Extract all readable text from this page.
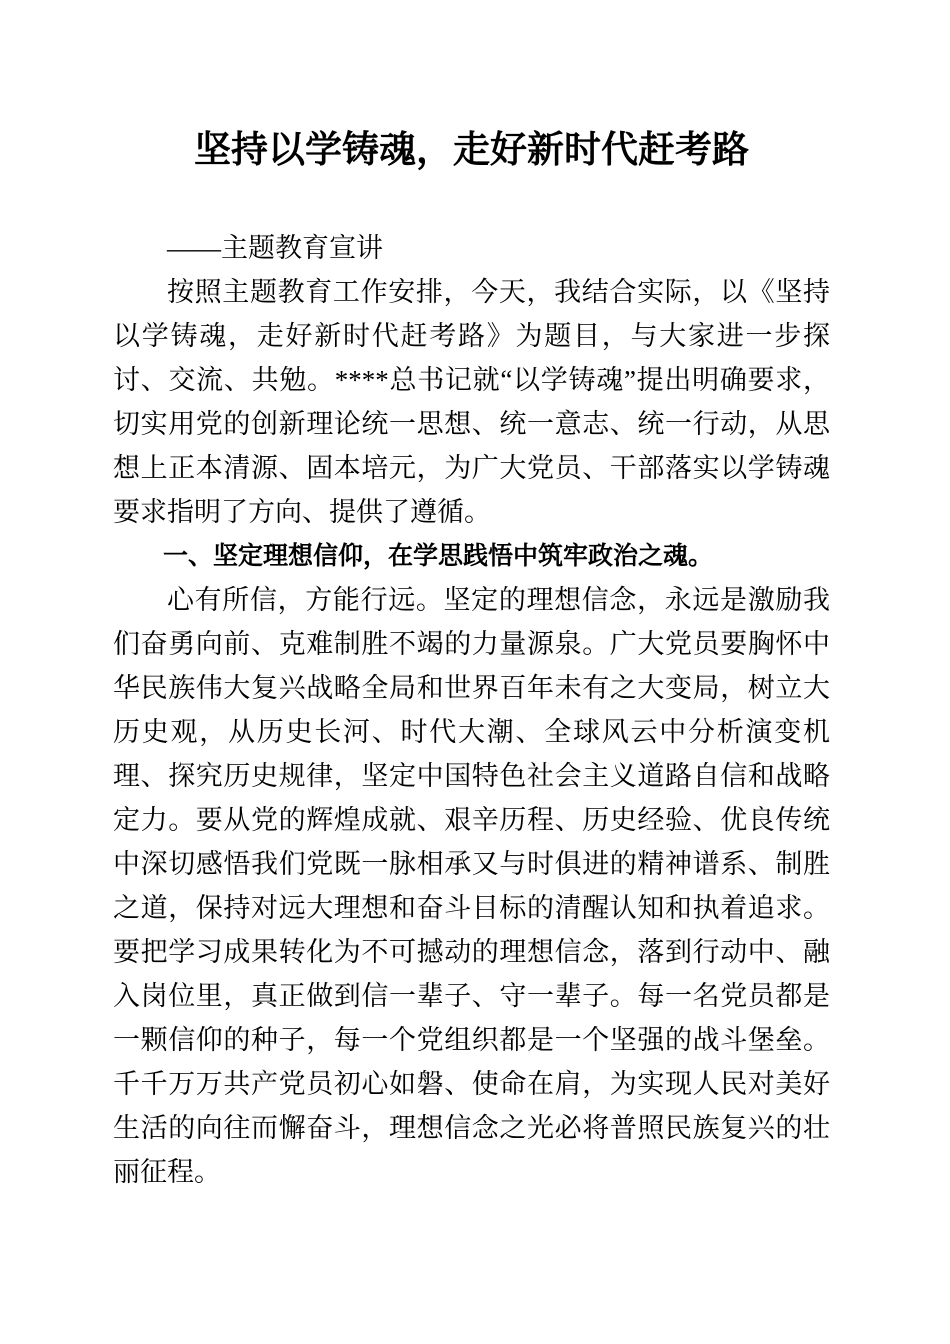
坚持以学铸魂，走好新时代赶考路

——主题教育宣讲

按照主题教育工作安排，今天，我结合实际，以《坚持以学铸魂，走好新时代赶考路》为题目，与大家进一步探讨、交流、共勉。****总书记就“以学铸魂”提出明确要求，切实用党的创新理论统一思想、统一意志、统一行动，从思想上正本清源、固本培元，为广大党员、干部落实以学铸魂要求指明了方向、提供了遵循。

一、坚定理想信仰，在学思践悟中筑牢政治之魂。

心有所信，方能行远。坚定的理想信念，永远是激励我们奋勇向前、克难制胜不竭的力量源泉。广大党员要胸怀中华民族伟大复兴战略全局和世界百年未有之大变局，树立大历史观，从历史长河、时代大潮、全球风云中分析演变机理、探究历史规律，坚定中国特色社会主义道路自信和战略定力。要从党的辉煌成就、艰辛历程、历史经验、优良传统中深切感悟我们党既一脉相承又与时俱进的精神谱系、制胜之道，保持对远大理想和奋斗目标的清醒认知和执着追求。要把学习成果转化为不可撼动的理想信念，落到行动中、融入岗位里，真正做到信一辈子、守一辈子。每一名党员都是一颗信仰的种子，每一个党组织都是一个坚强的战斗堡垒。千千万万共产党员初心如磐、使命在肩，为实现人民对美好生活的向往而懈奋斗，理想信念之光必将普照民族复兴的壮丽征程。
